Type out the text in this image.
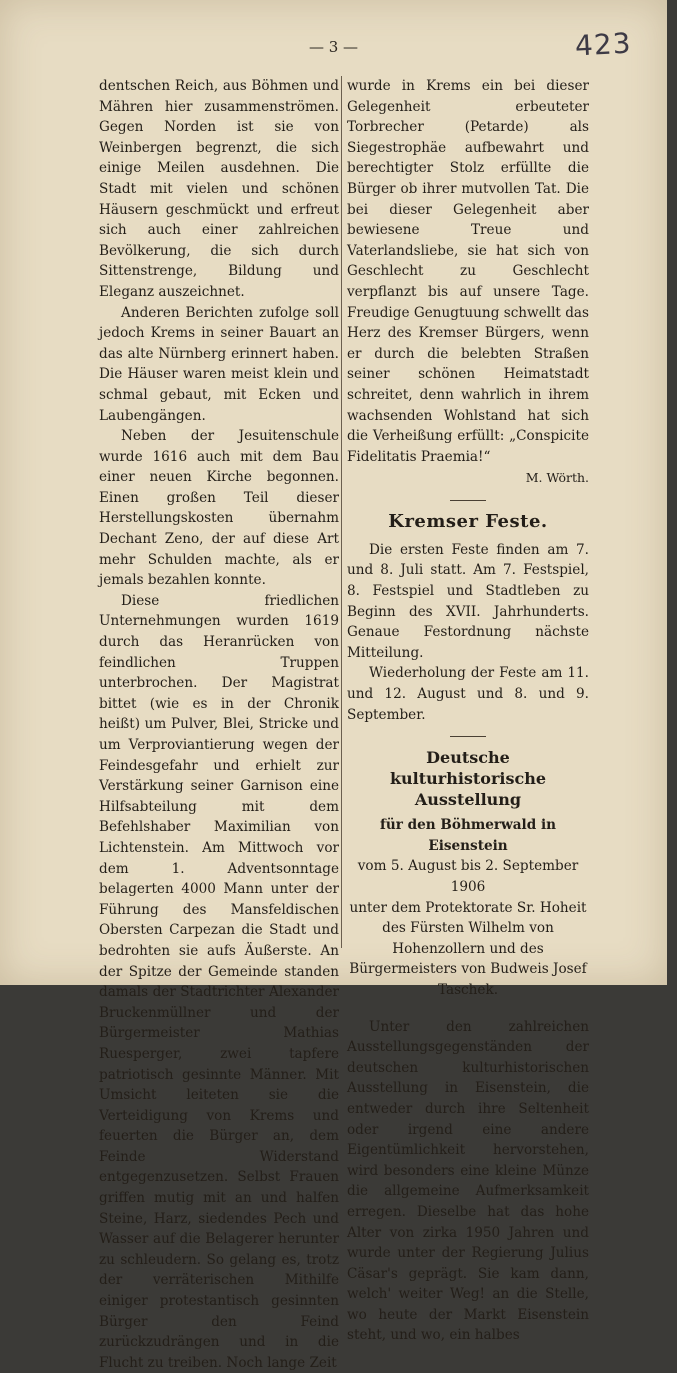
— 3 —	423

dentschen Reich, aus Böhmen und Mähren hier zusammenströmen. Gegen Norden ist sie von Weinbergen begrenzt, die sich einige Meilen ausdehnen. Die Stadt mit vielen und schönen Häusern geschmückt und erfreut sich auch einer zahlreichen Bevölkerung, die sich durch Sittenstrenge, Bildung und Eleganz auszeichnet.

Anderen Berichten zufolge soll jedoch Krems in seiner Bauart an das alte Nürnberg erinnert haben. Die Häuser waren meist klein und schmal gebaut, mit Ecken und Laubengängen.

Neben der Jesuitenschule wurde 1616 auch mit dem Bau einer neuen Kirche begonnen. Einen großen Teil dieser Herstellungskosten übernahm Dechant Zeno, der auf diese Art mehr Schulden machte, als er jemals bezahlen konnte.

Diese friedlichen Unternehmungen wurden 1619 durch das Heranrücken von feindlichen Truppen unterbrochen. Der Magistrat bittet (wie es in der Chronik heißt) um Pulver, Blei, Stricke und um Verproviantierung wegen der Feindesgefahr und erhielt zur Verstärkung seiner Garnison eine Hilfsabteilung mit dem Befehlshaber Maximilian von Lichtenstein. Am Mittwoch vor dem 1. Adventsonntage belagerten 4000 Mann unter der Führung des Mansfeldischen Obersten Carpezan die Stadt und bedrohten sie aufs Äußerste. An der Spitze der Gemeinde standen damals der Stadtrichter Alexander Bruckenmüllner und der Bürgermeister Mathias Ruesperger, zwei tapfere patriotisch gesinnte Männer. Mit Umsicht leiteten sie die Verteidigung von Krems und feuerten die Bürger an, dem Feinde Widerstand entgegenzusetzen. Selbst Frauen griffen mutig mit an und halfen Steine, Harz, siedendes Pech und Wasser auf die Belagerer herunter zu schleudern. So gelang es, trotz der verräterischen Mithilfe einiger protestantisch gesinnten Bürger den Feind zurückzudrängen und in die Flucht zu treiben. Noch lange Zeit

wurde in Krems ein bei dieser Gelegenheit erbeuteter Torbrecher (Petarde) als Siegestrophäe aufbewahrt und berechtigter Stolz erfüllte die Bürger ob ihrer mutvollen Tat. Die bei dieser Gelegenheit aber bewiesene Treue und Vaterlandsliebe, sie hat sich von Geschlecht zu Geschlecht verpflanzt bis auf unsere Tage. Freudige Genugtuung schwellt das Herz des Kremser Bürgers, wenn er durch die belebten Straßen seiner schönen Heimatstadt schreitet, denn wahrlich in ihrem wachsenden Wohlstand hat sich die Verheißung erfüllt: „Conspicite Fidelitatis Praemia!“

M. Wörth.
Kremser Feste.

Die ersten Feste finden am 7. und 8. Juli statt. Am 7. Festspiel, 8. Festspiel und Stadtleben zu Beginn des XVII. Jahrhunderts. Genaue Festordnung nächste Mitteilung.

Wiederholung der Feste am 11. und 12. August und 8. und 9. September.

Deutsche kulturhistorische
Ausstellung

für den Böhmerwald in Eisenstein

vom 5. August bis 2. September 1906

unter dem Protektorate Sr. Hoheit des Fürsten Wilhelm von Hohenzollern und des Bürgermeisters von Budweis Josef Taschek.

Unter den zahlreichen Ausstellungsgegenständen der deutschen kulturhistorischen Ausstellung in Eisenstein, die entweder durch ihre Seltenheit oder irgend eine andere Eigentümlichkeit hervorstehen, wird besonders eine kleine Münze die allgemeine Aufmerksamkeit erregen. Dieselbe hat das hohe Alter von zirka 1950 Jahren und wurde unter der Regierung Julius Cäsar's geprägt. Sie kam dann, welch' weiter Weg! an die Stelle, wo heute der Markt Eisenstein steht, und wo, ein halbes
